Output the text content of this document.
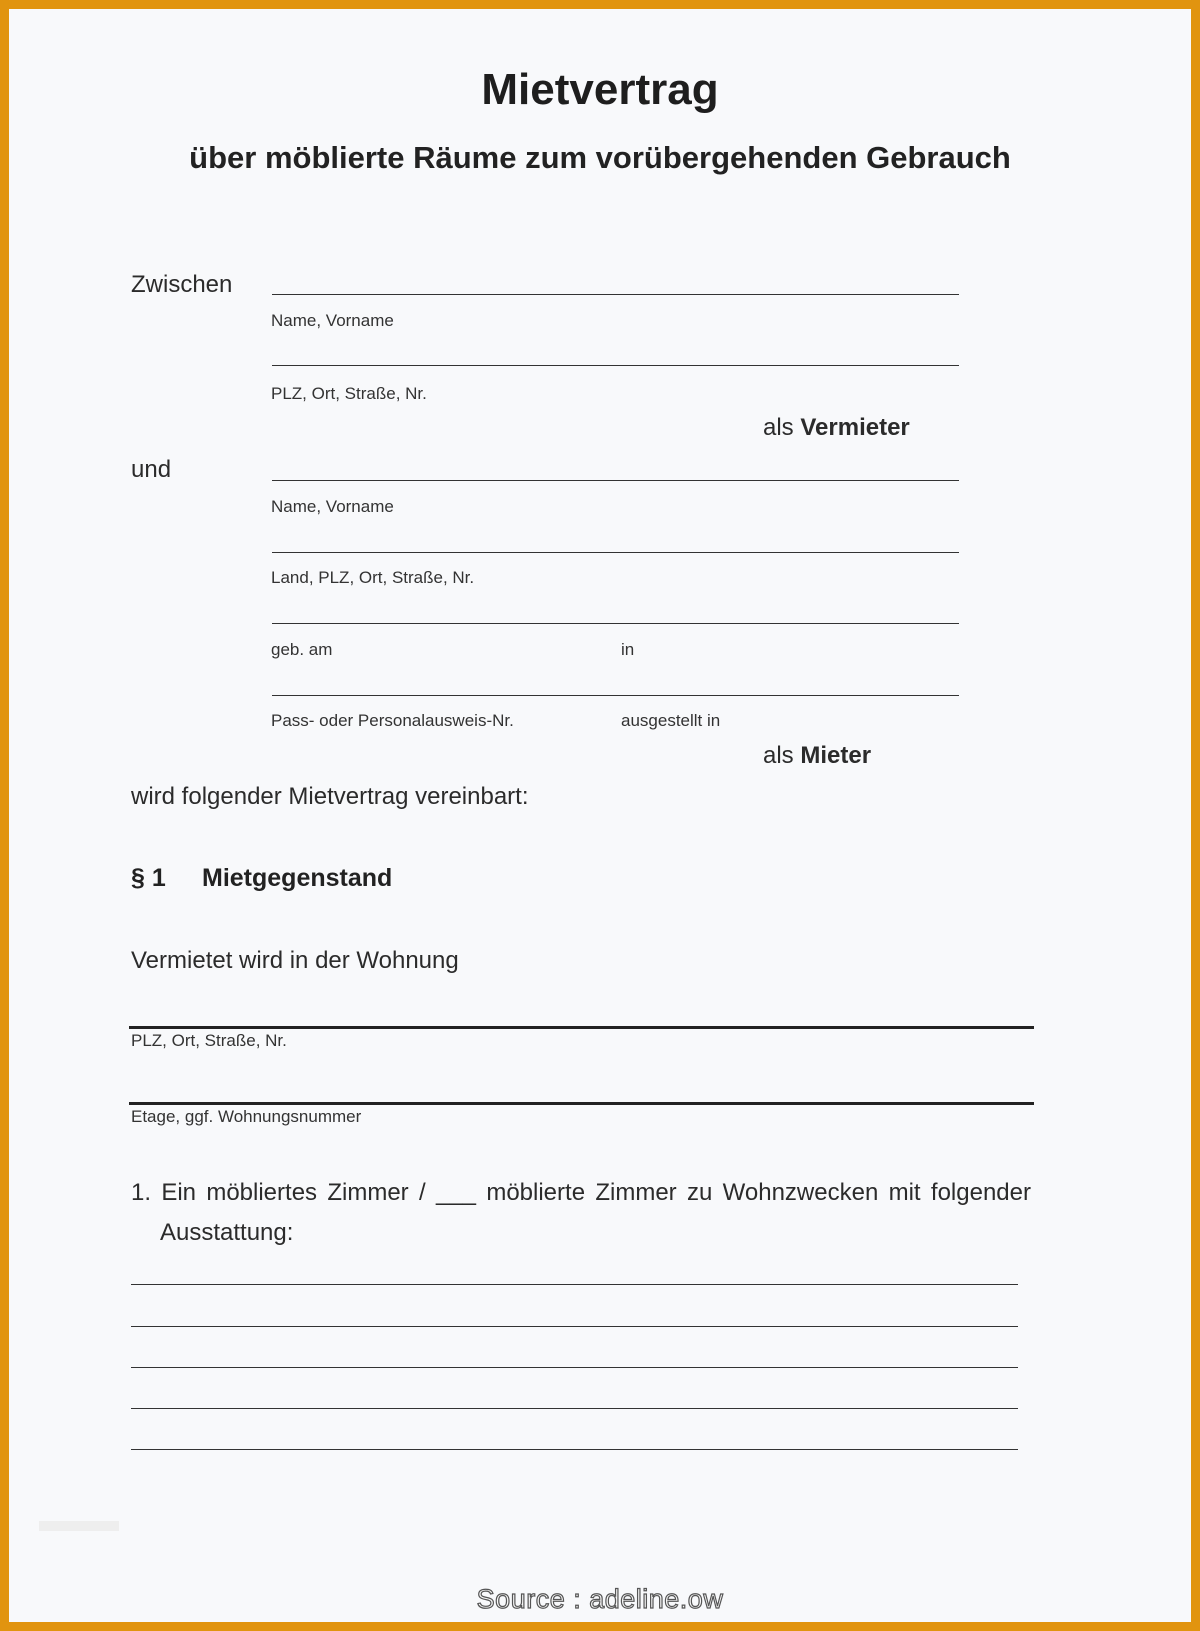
Mietvertrag
über möblierte Räume zum vorübergehenden Gebrauch
Zwischen
Name, Vorname
PLZ, Ort, Straße, Nr.
als Vermieter
und
Name, Vorname
Land, PLZ, Ort, Straße, Nr.
geb. am	in
Pass- oder Personalausweis-Nr.	ausgestellt in
als Mieter
wird folgender Mietvertrag vereinbart:
§ 1 Mietgegenstand
Vermietet wird in der Wohnung
PLZ, Ort, Straße, Nr.
Etage, ggf. Wohnungsnummer
1. Ein möbliertes Zimmer / ___ möblierte Zimmer zu Wohnzwecken mit folgender
Ausstattung:
Source : adeline.ow
